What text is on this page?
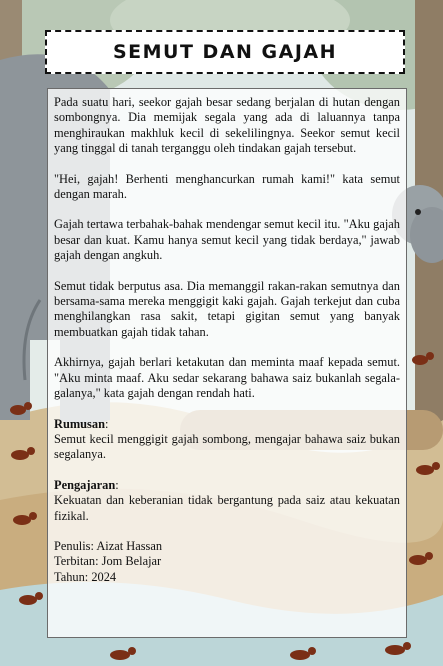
SEMUT DAN GAJAH

Pada suatu hari, seekor gajah besar sedang berjalan di hutan dengan sombongnya. Dia memijak segala yang ada di laluannya tanpa menghiraukan makhluk kecil di sekelilingnya. Seekor semut kecil yang tinggal di tanah terganggu oleh tindakan gajah tersebut.

"Hei, gajah! Berhenti menghancurkan rumah kami!" kata semut dengan marah.

Gajah tertawa terbahak-bahak mendengar semut kecil itu. "Aku gajah besar dan kuat. Kamu hanya semut kecil yang tidak berdaya," jawab gajah dengan angkuh.

Semut tidak berputus asa. Dia memanggil rakan-rakan semutnya dan bersama-sama mereka menggigit kaki gajah. Gajah terkejut dan cuba menghilangkan rasa sakit, tetapi gigitan semut yang banyak membuatkan gajah tidak tahan.

Akhirnya, gajah berlari ketakutan dan meminta maaf kepada semut. "Aku minta maaf. Aku sedar sekarang bahawa saiz bukanlah segala-galanya," kata gajah dengan rendah hati.

Rumusan:

Semut kecil menggigit gajah sombong, mengajar bahawa saiz bukan segalanya.

Pengajaran:

Kekuatan dan keberanian tidak bergantung pada saiz atau kekuatan fizikal.

Penulis: Aizat Hassan
Terbitan: Jom Belajar
Tahun: 2024
